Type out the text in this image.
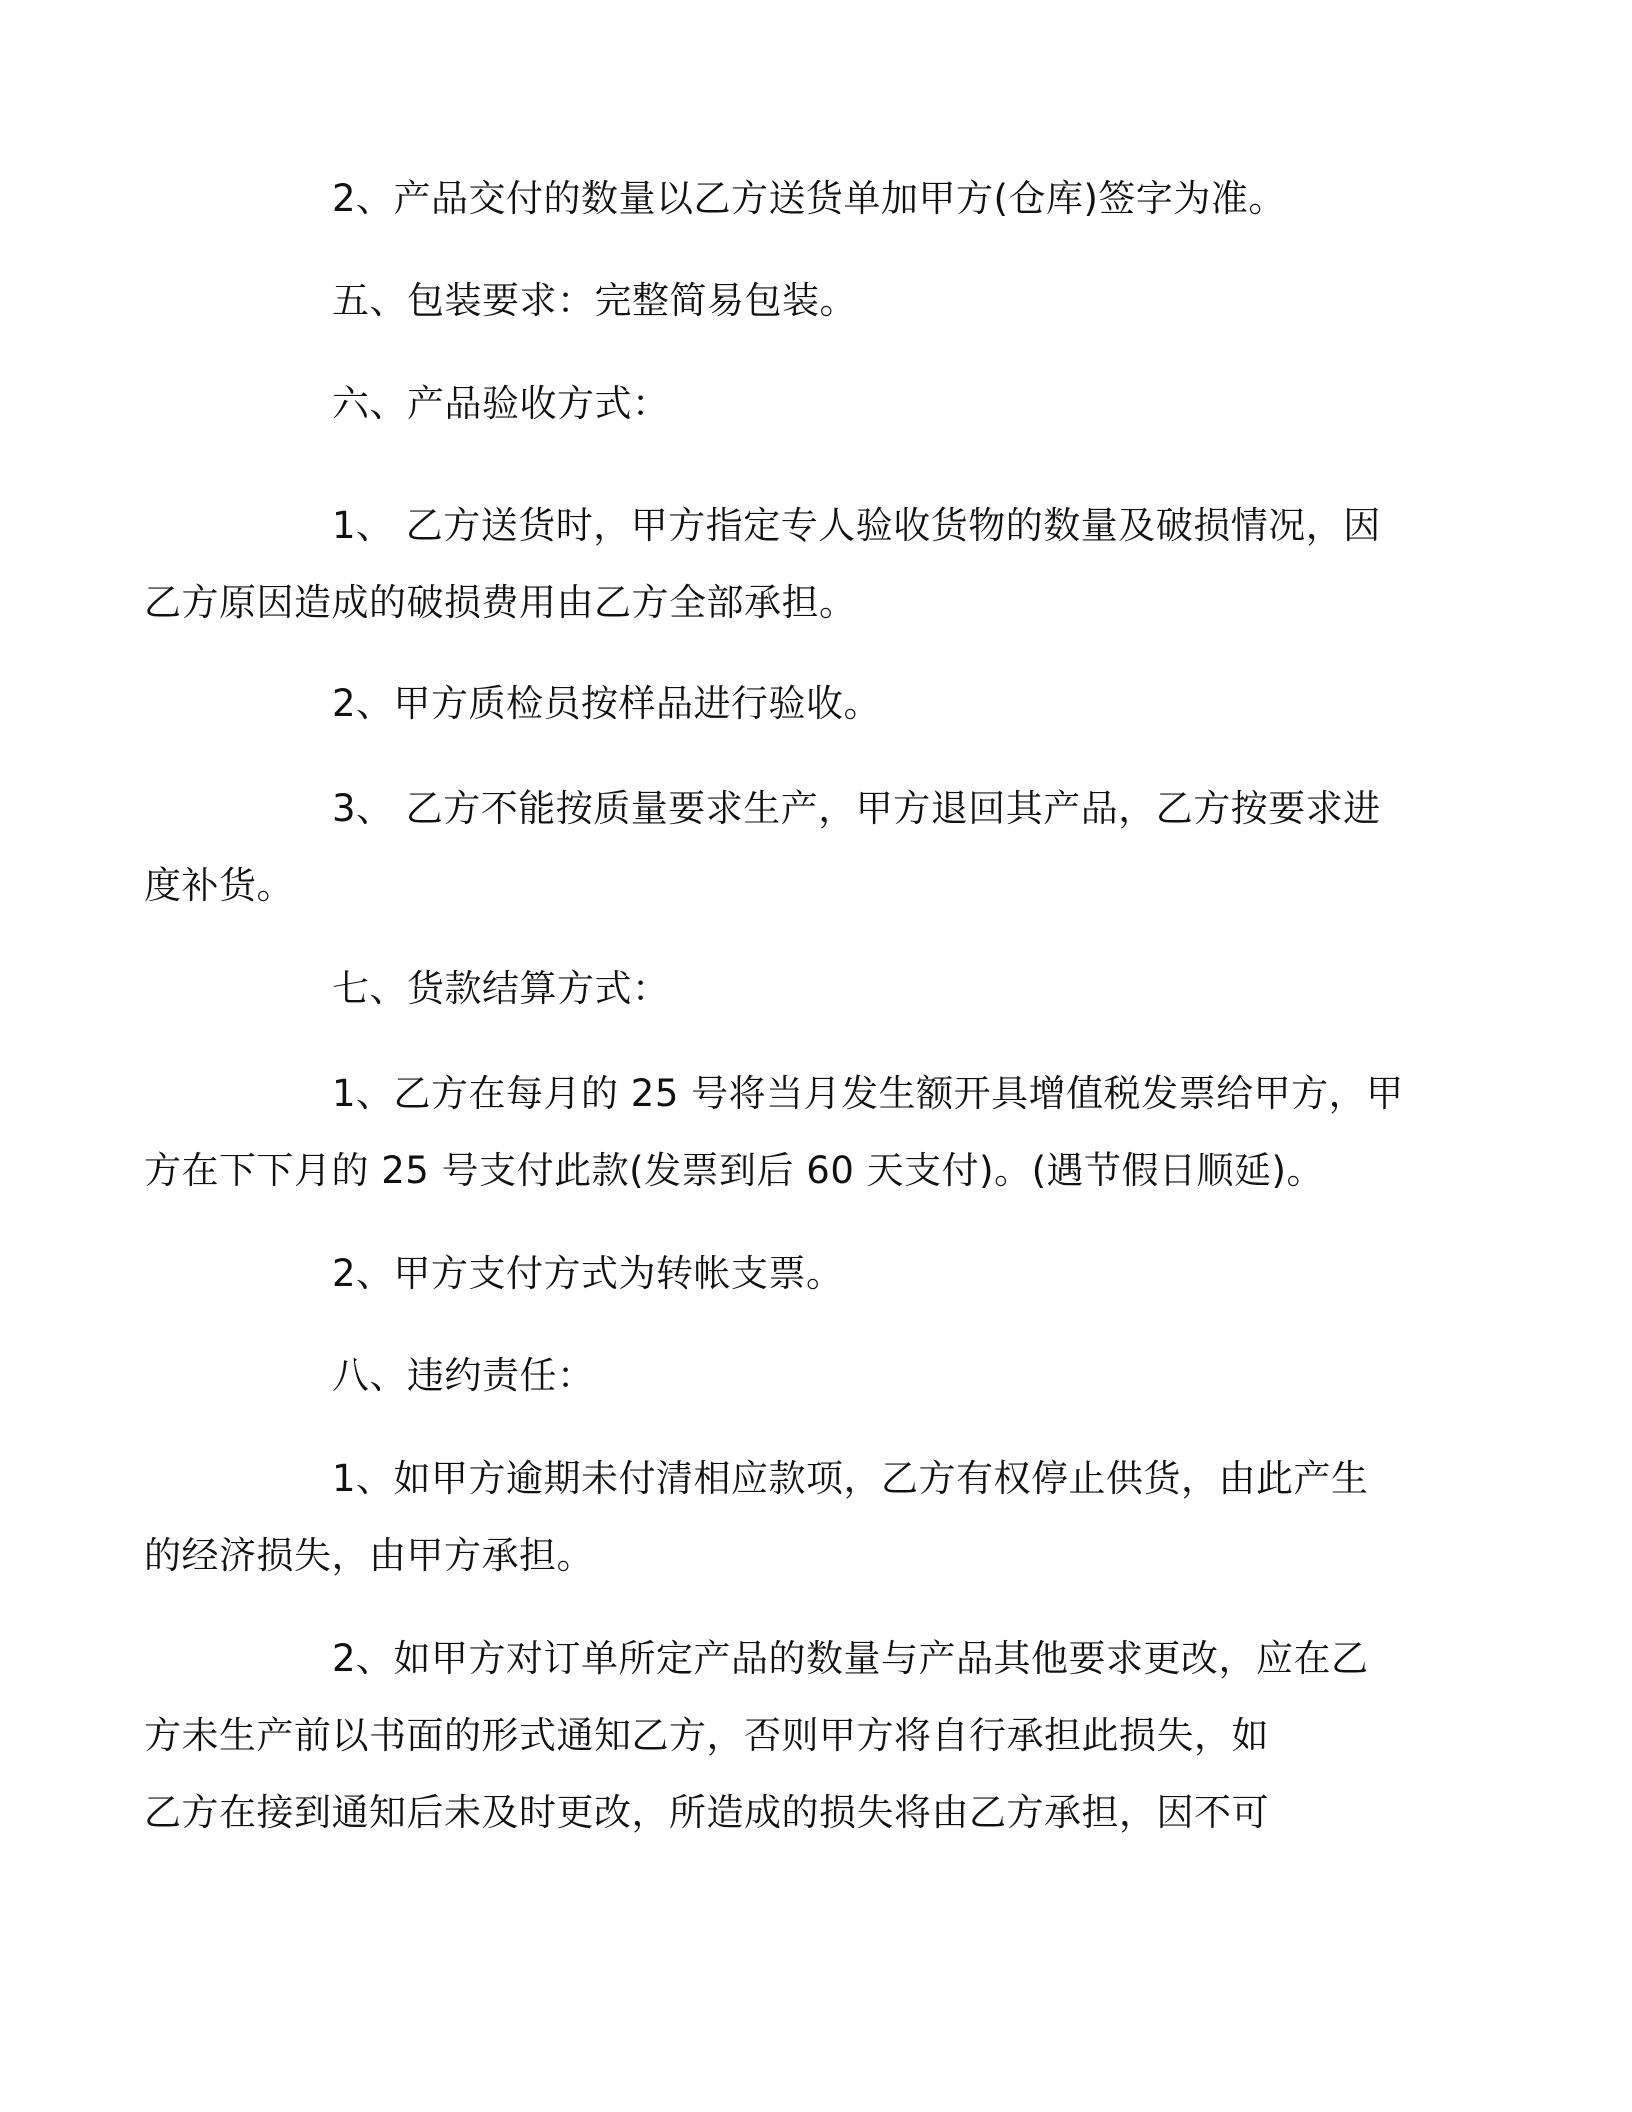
2、产品交付的数量以乙方送货单加甲方(仓库)签字为准。

五、包装要求：完整简易包装。

六、产品验收方式：

1、 乙方送货时，甲方指定专人验收货物的数量及破损情况，因
乙方原因造成的破损费用由乙方全部承担。

2、甲方质检员按样品进行验收。

3、 乙方不能按质量要求生产，甲方退回其产品，乙方按要求进
度补货。

七、货款结算方式：

1、乙方在每月的 25 号将当月发生额开具增值税发票给甲方，甲
方在下下月的 25 号支付此款(发票到后 60 天支付)。(遇节假日顺延)。

2、甲方支付方式为转帐支票。

八、违约责任：

1、如甲方逾期未付清相应款项，乙方有权停止供货，由此产生
的经济损失，由甲方承担。

2、如甲方对订单所定产品的数量与产品其他要求更改，应在乙
方未生产前以书面的形式通知乙方，否则甲方将自行承担此损失，如
乙方在接到通知后未及时更改，所造成的损失将由乙方承担，因不可
